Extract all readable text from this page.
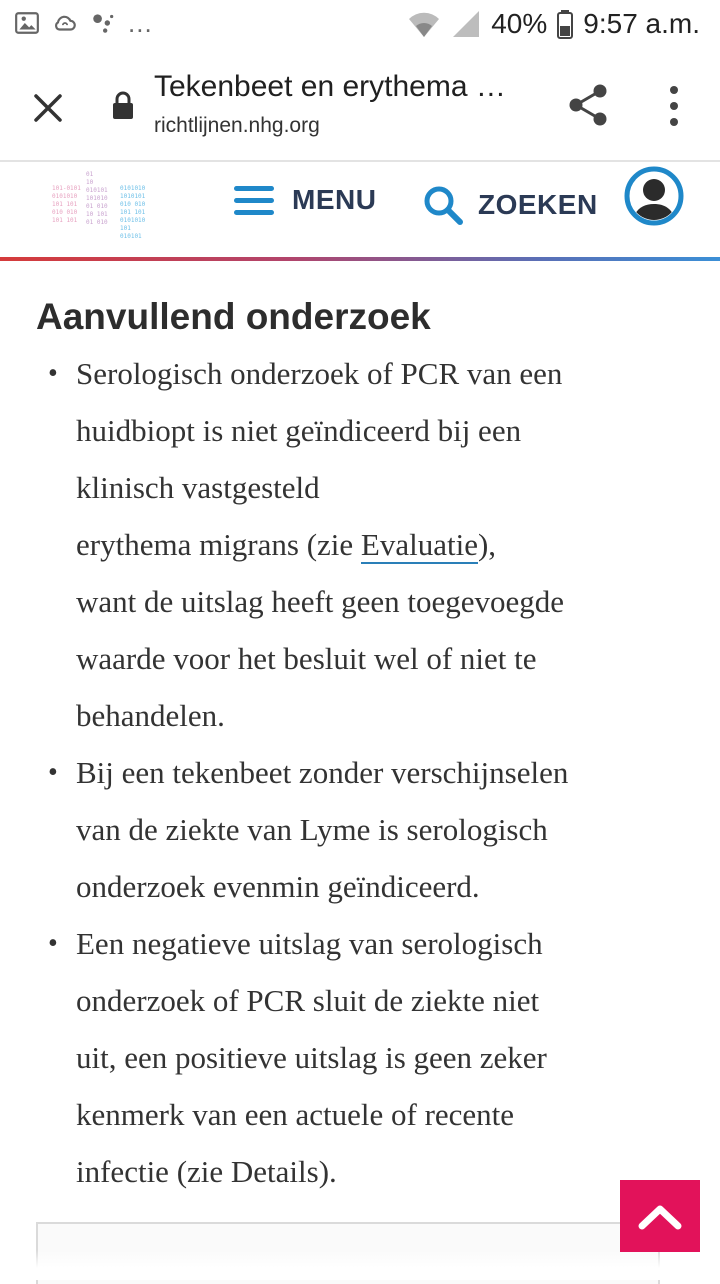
...	40% 9:57 a.m.
Tekenbeet en erythema …
richtlijnen.nhg.org
101-0101
0101010
101 101
010 010
101 101
01
10
010101
101010
01 010
10 101
01 010
0101010
1010101
010 010
101 101
0101010
101
010101
MENU	ZOEKEN
Aanvullend onderzoek
• Serologisch onderzoek of PCR van een
huidbiopt is niet geïndiceerd bij een
klinisch vastgesteld
erythema migrans (zie Evaluatie),
want de uitslag heeft geen toegevoegde
waarde voor het besluit wel of niet te
behandelen.
• Bij een tekenbeet zonder verschijnselen
van de ziekte van Lyme is serologisch
onderzoek evenmin geïndiceerd.
• Een negatieve uitslag van serologisch
onderzoek of PCR sluit de ziekte niet
uit, een positieve uitslag is geen zeker
kenmerk van een actuele of recente
infectie (zie Details).
